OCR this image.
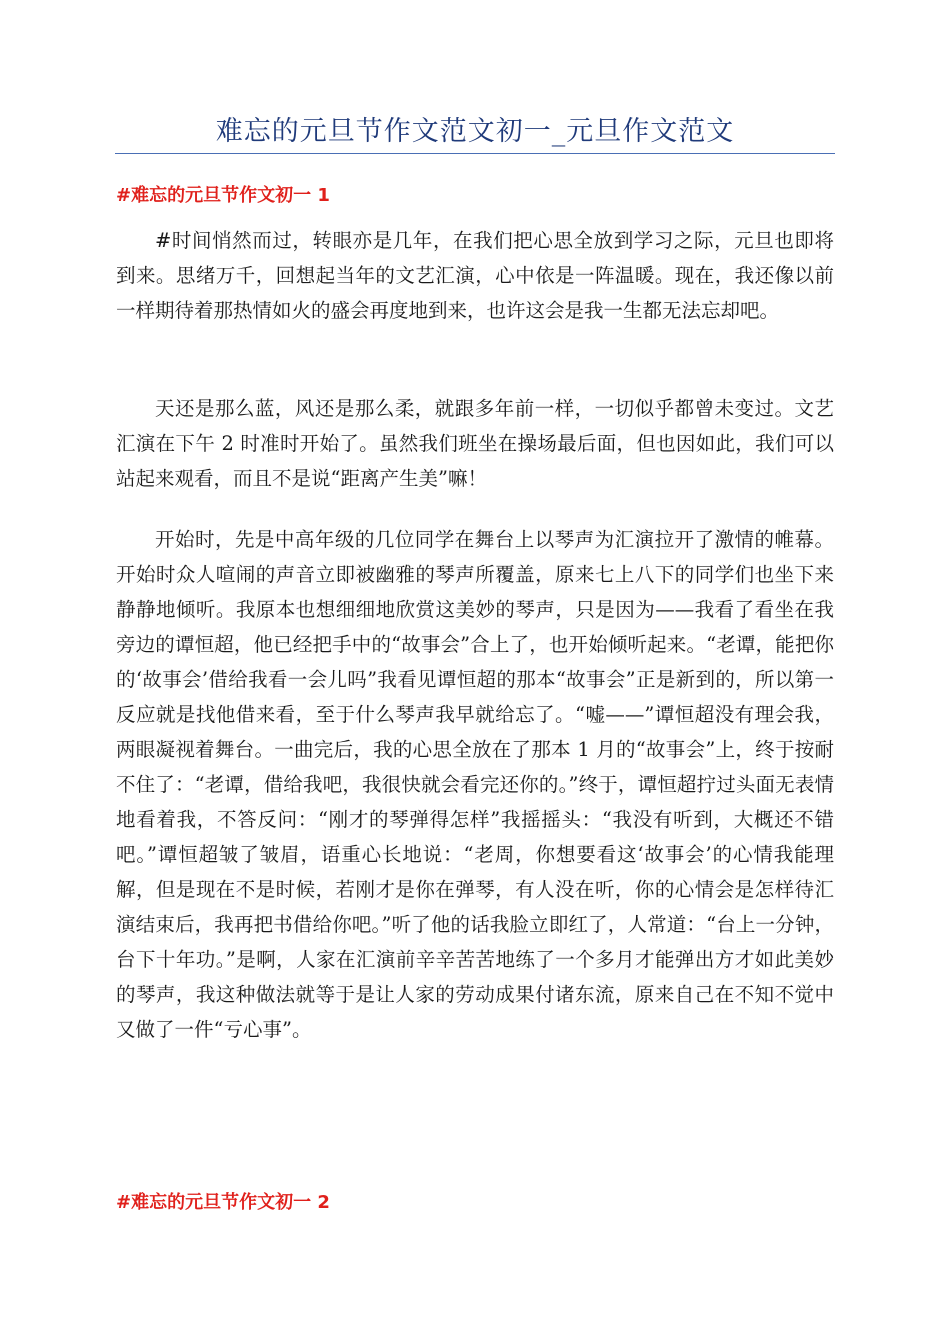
难忘的元旦节作文范文初一_元旦作文范文
#难忘的元旦节作文初一 1

#时间悄然而过，转眼亦是几年，在我们把心思全放到学习之际，元旦也即将到来。思绪万千，回想起当年的文艺汇演，心中依是一阵温暖。现在，我还像以前一样期待着那热情如火的盛会再度地到来，也许这会是我一生都无法忘却吧。

天还是那么蓝，风还是那么柔，就跟多年前一样，一切似乎都曾未变过。文艺汇演在下午 2 时准时开始了。虽然我们班坐在操场最后面，但也因如此，我们可以站起来观看，而且不是说“距离产生美”嘛！

开始时，先是中高年级的几位同学在舞台上以琴声为汇演拉开了激情的帷幕。开始时众人喧闹的声音立即被幽雅的琴声所覆盖，原来七上八下的同学们也坐下来静静地倾听。我原本也想细细地欣赏这美妙的琴声，只是因为——我看了看坐在我旁边的谭恒超，他已经把手中的“故事会”合上了，也开始倾听起来。“老谭，能把你的‘故事会’借给我看一会儿吗”我看见谭恒超的那本“故事会”正是新到的，所以第一反应就是找他借来看，至于什么琴声我早就给忘了。“嘘——”谭恒超没有理会我，两眼凝视着舞台。一曲完后，我的心思全放在了那本 1 月的“故事会”上，终于按耐不住了：“老谭，借给我吧，我很快就会看完还你的。”终于，谭恒超拧过头面无表情地看着我，不答反问：“刚才的琴弹得怎样”我摇摇头：“我没有听到，大概还不错吧。”谭恒超皱了皱眉，语重心长地说：“老周，你想要看这‘故事会’的心情我能理解，但是现在不是时候，若刚才是你在弹琴，有人没在听，你的心情会是怎样待汇演结束后，我再把书借给你吧。”听了他的话我脸立即红了，人常道：“台上一分钟，台下十年功。”是啊，人家在汇演前辛辛苦苦地练了一个多月才能弹出方才如此美妙的琴声，我这种做法就等于是让人家的劳动成果付诸东流，原来自己在不知不觉中又做了一件“亏心事”。

#难忘的元旦节作文初一 2
